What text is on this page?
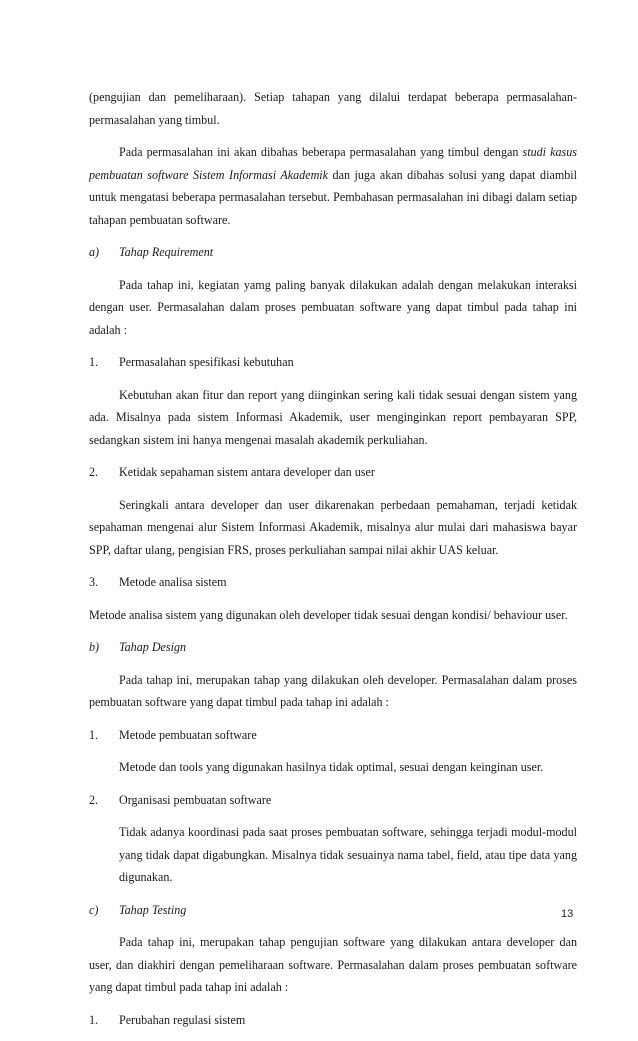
(pengujian dan pemeliharaan). Setiap tahapan yang dilalui terdapat beberapa permasalahan-permasalahan yang timbul.

Pada permasalahan ini akan dibahas beberapa permasalahan yang timbul dengan studi kasus pembuatan software Sistem Informasi Akademik dan juga akan dibahas solusi yang dapat diambil untuk mengatasi beberapa permasalahan tersebut. Pembahasan permasalahan ini dibagi dalam setiap tahapan pembuatan software.

a)	Tahap Requirement

Pada tahap ini, kegiatan yamg paling banyak dilakukan adalah dengan melakukan interaksi dengan user. Permasalahan dalam proses pembuatan software yang dapat timbul pada tahap ini adalah :

1.	Permasalahan spesifikasi kebutuhan

Kebutuhan akan fitur dan report yang diinginkan sering kali tidak sesuai dengan sistem yang ada. Misalnya pada sistem Informasi Akademik, user menginginkan report pembayaran SPP, sedangkan sistem ini hanya mengenai masalah akademik perkuliahan.

2.	Ketidak sepahaman sistem antara developer dan user

Seringkali antara developer dan user dikarenakan perbedaan pemahaman, terjadi ketidak sepahaman mengenai alur Sistem Informasi Akademik, misalnya alur mulai dari mahasiswa bayar SPP, daftar ulang, pengisian FRS, proses perkuliahan sampai nilai akhir UAS keluar.

3.	Metode analisa sistem

Metode analisa sistem yang digunakan oleh developer tidak sesuai dengan kondisi/ behaviour user.

b)	Tahap Design

Pada tahap ini, merupakan tahap yang dilakukan oleh developer. Permasalahan dalam proses pembuatan software yang dapat timbul pada tahap ini adalah :

1.	Metode pembuatan software

Metode dan tools yang digunakan hasilnya tidak optimal, sesuai dengan keinginan user.

2.	Organisasi pembuatan software

Tidak adanya koordinasi pada saat proses pembuatan software, sehingga terjadi modul-modul yang tidak dapat digabungkan. Misalnya tidak sesuainya nama tabel, field, atau tipe data yang digunakan.

c)	Tahap Testing

Pada tahap ini, merupakan tahap pengujian software yang dilakukan antara developer dan user, dan diakhiri dengan pemeliharaan software. Permasalahan dalam proses pembuatan software yang dapat timbul pada tahap ini adalah :

1.	Perubahan regulasi sistem
13
